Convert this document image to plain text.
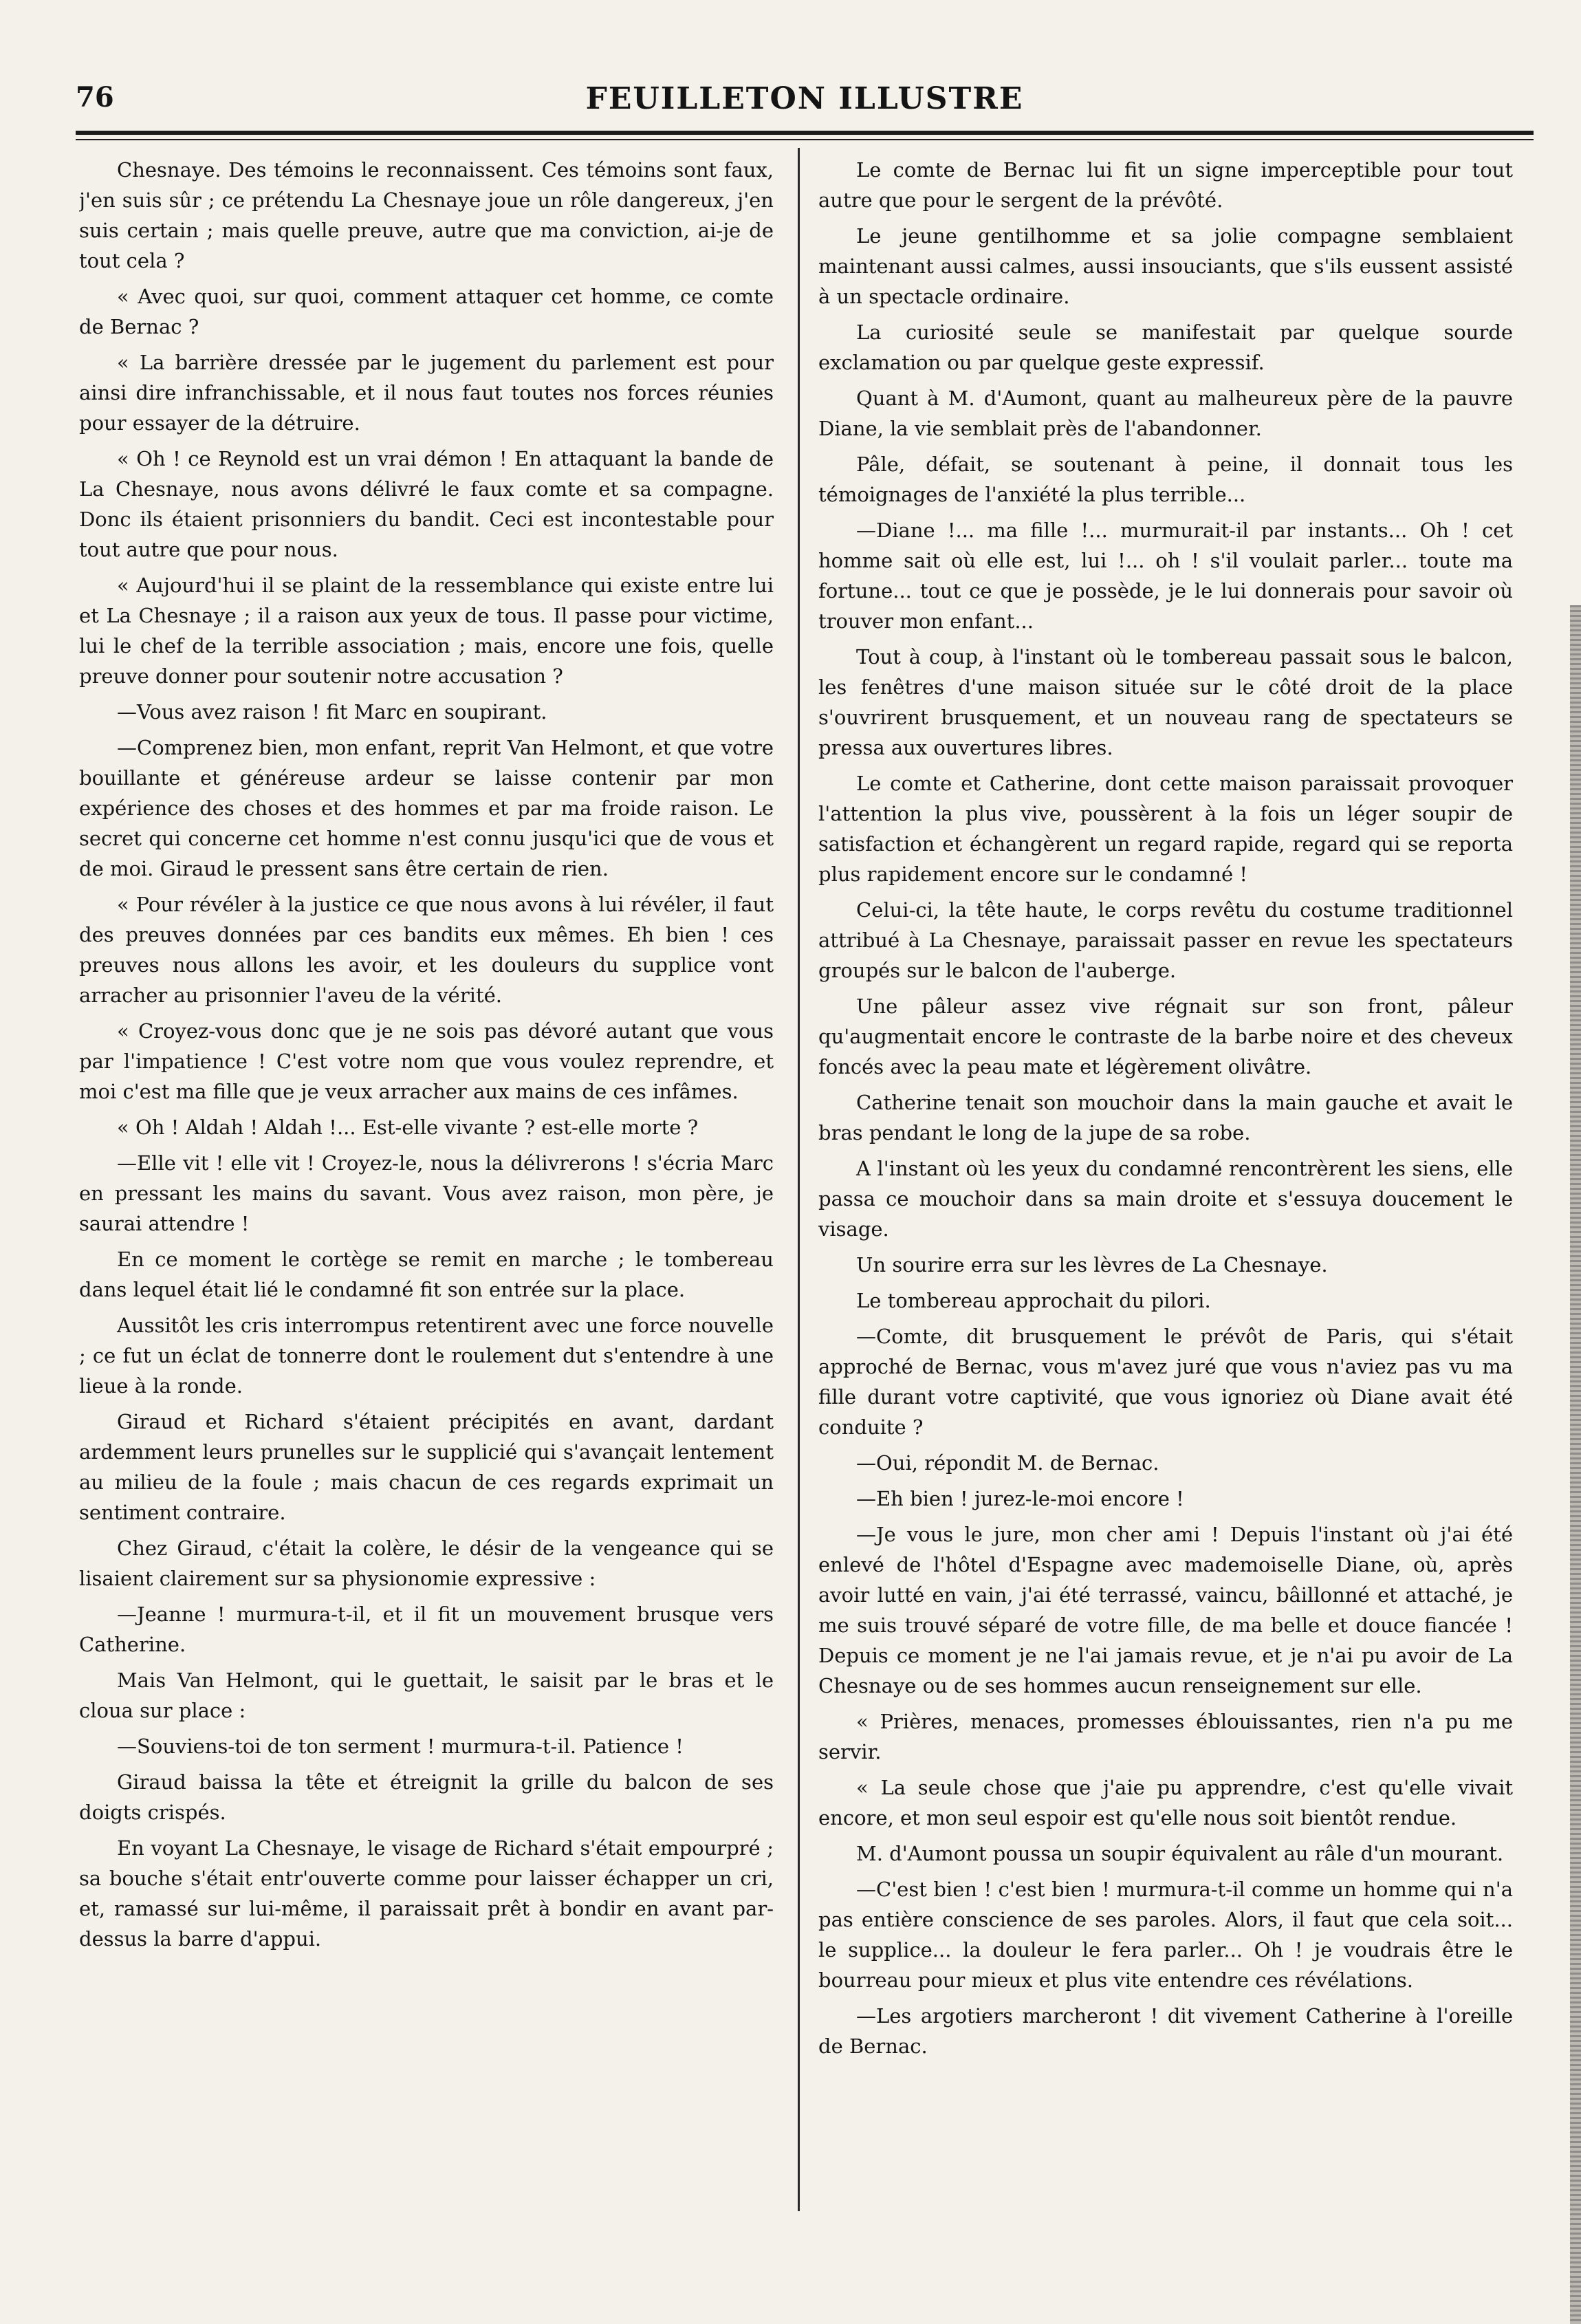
76	FEUILLETON ILLUSTRE

Chesnaye. Des témoins le reconnaissent. Ces témoins sont faux, j'en suis sûr ; ce prétendu La Chesnaye joue un rôle dangereux, j'en suis certain ; mais quelle preuve, autre que ma conviction, ai-je de tout cela ?

« Avec quoi, sur quoi, comment attaquer cet homme, ce comte de Bernac ?

« La barrière dressée par le jugement du parlement est pour ainsi dire infranchissable, et il nous faut toutes nos forces réunies pour essayer de la détruire.

« Oh ! ce Reynold est un vrai démon ! En attaquant la bande de La Chesnaye, nous avons délivré le faux comte et sa compagne. Donc ils étaient prisonniers du bandit. Ceci est incontestable pour tout autre que pour nous.

« Aujourd'hui il se plaint de la ressemblance qui existe entre lui et La Chesnaye ; il a raison aux yeux de tous. Il passe pour victime, lui le chef de la terrible association ; mais, encore une fois, quelle preuve donner pour soutenir notre accusation ?

—Vous avez raison ! fit Marc en soupirant.

—Comprenez bien, mon enfant, reprit Van Helmont, et que votre bouillante et généreuse ardeur se laisse contenir par mon expérience des choses et des hommes et par ma froide raison. Le secret qui concerne cet homme n'est connu jusqu'ici que de vous et de moi. Giraud le pressent sans être certain de rien.

« Pour révéler à la justice ce que nous avons à lui révéler, il faut des preuves données par ces bandits eux mêmes. Eh bien ! ces preuves nous allons les avoir, et les douleurs du supplice vont arracher au prisonnier l'aveu de la vérité.

« Croyez-vous donc que je ne sois pas dévoré autant que vous par l'impatience ! C'est votre nom que vous voulez reprendre, et moi c'est ma fille que je veux arracher aux mains de ces infâmes.

« Oh ! Aldah ! Aldah !... Est-elle vivante ? est-elle morte ?

—Elle vit ! elle vit ! Croyez-le, nous la délivrerons ! s'écria Marc en pressant les mains du savant. Vous avez raison, mon père, je saurai attendre !

En ce moment le cortège se remit en marche ; le tombereau dans lequel était lié le condamné fit son entrée sur la place.

Aussitôt les cris interrompus retentirent avec une force nouvelle ; ce fut un éclat de tonnerre dont le roulement dut s'entendre à une lieue à la ronde.

Giraud et Richard s'étaient précipités en avant, dardant ardemment leurs prunelles sur le supplicié qui s'avançait lentement au milieu de la foule ; mais chacun de ces regards exprimait un sentiment contraire.

Chez Giraud, c'était la colère, le désir de la vengeance qui se lisaient clairement sur sa physionomie expressive :

—Jeanne ! murmura-t-il, et il fit un mouvement brusque vers Catherine.

Mais Van Helmont, qui le guettait, le saisit par le bras et le cloua sur place :

—Souviens-toi de ton serment ! murmura-t-il. Patience !

Giraud baissa la tête et étreignit la grille du balcon de ses doigts crispés.

En voyant La Chesnaye, le visage de Richard s'était empourpré ; sa bouche s'était entr'ouverte comme pour laisser échapper un cri, et, ramassé sur lui-même, il paraissait prêt à bondir en avant par-dessus la barre d'appui.

Le comte de Bernac lui fit un signe imperceptible pour tout autre que pour le sergent de la prévôté.

Le jeune gentilhomme et sa jolie compagne semblaient maintenant aussi calmes, aussi insouciants, que s'ils eussent assisté à un spectacle ordinaire.

La curiosité seule se manifestait par quelque sourde exclamation ou par quelque geste expressif.

Quant à M. d'Aumont, quant au malheureux père de la pauvre Diane, la vie semblait près de l'abandonner.

Pâle, défait, se soutenant à peine, il donnait tous les témoignages de l'anxiété la plus terrible...

—Diane !... ma fille !... murmurait-il par instants... Oh ! cet homme sait où elle est, lui !... oh ! s'il voulait parler... toute ma fortune... tout ce que je possède, je le lui donnerais pour savoir où trouver mon enfant...

Tout à coup, à l'instant où le tombereau passait sous le balcon, les fenêtres d'une maison située sur le côté droit de la place s'ouvrirent brusquement, et un nouveau rang de spectateurs se pressa aux ouvertures libres.

Le comte et Catherine, dont cette maison paraissait provoquer l'attention la plus vive, poussèrent à la fois un léger soupir de satisfaction et échangèrent un regard rapide, regard qui se reporta plus rapidement encore sur le condamné !

Celui-ci, la tête haute, le corps revêtu du costume traditionnel attribué à La Chesnaye, paraissait passer en revue les spectateurs groupés sur le balcon de l'auberge.

Une pâleur assez vive régnait sur son front, pâleur qu'augmentait encore le contraste de la barbe noire et des cheveux foncés avec la peau mate et légèrement olivâtre.

Catherine tenait son mouchoir dans la main gauche et avait le bras pendant le long de la jupe de sa robe.

A l'instant où les yeux du condamné rencontrèrent les siens, elle passa ce mouchoir dans sa main droite et s'essuya doucement le visage.

Un sourire erra sur les lèvres de La Chesnaye.

Le tombereau approchait du pilori.

—Comte, dit brusquement le prévôt de Paris, qui s'était approché de Bernac, vous m'avez juré que vous n'aviez pas vu ma fille durant votre captivité, que vous ignoriez où Diane avait été conduite ?

—Oui, répondit M. de Bernac.

—Eh bien ! jurez-le-moi encore !

—Je vous le jure, mon cher ami ! Depuis l'instant où j'ai été enlevé de l'hôtel d'Espagne avec mademoiselle Diane, où, après avoir lutté en vain, j'ai été terrassé, vaincu, bâillonné et attaché, je me suis trouvé séparé de votre fille, de ma belle et douce fiancée ! Depuis ce moment je ne l'ai jamais revue, et je n'ai pu avoir de La Chesnaye ou de ses hommes aucun renseignement sur elle.

« Prières, menaces, promesses éblouissantes, rien n'a pu me servir.

« La seule chose que j'aie pu apprendre, c'est qu'elle vivait encore, et mon seul espoir est qu'elle nous soit bientôt rendue.

M. d'Aumont poussa un soupir équivalent au râle d'un mourant.

—C'est bien ! c'est bien ! murmura-t-il comme un homme qui n'a pas entière conscience de ses paroles. Alors, il faut que cela soit... le supplice... la douleur le fera parler... Oh ! je voudrais être le bourreau pour mieux et plus vite entendre ces révélations.

—Les argotiers marcheront ! dit vivement Catherine à l'oreille de Bernac.
